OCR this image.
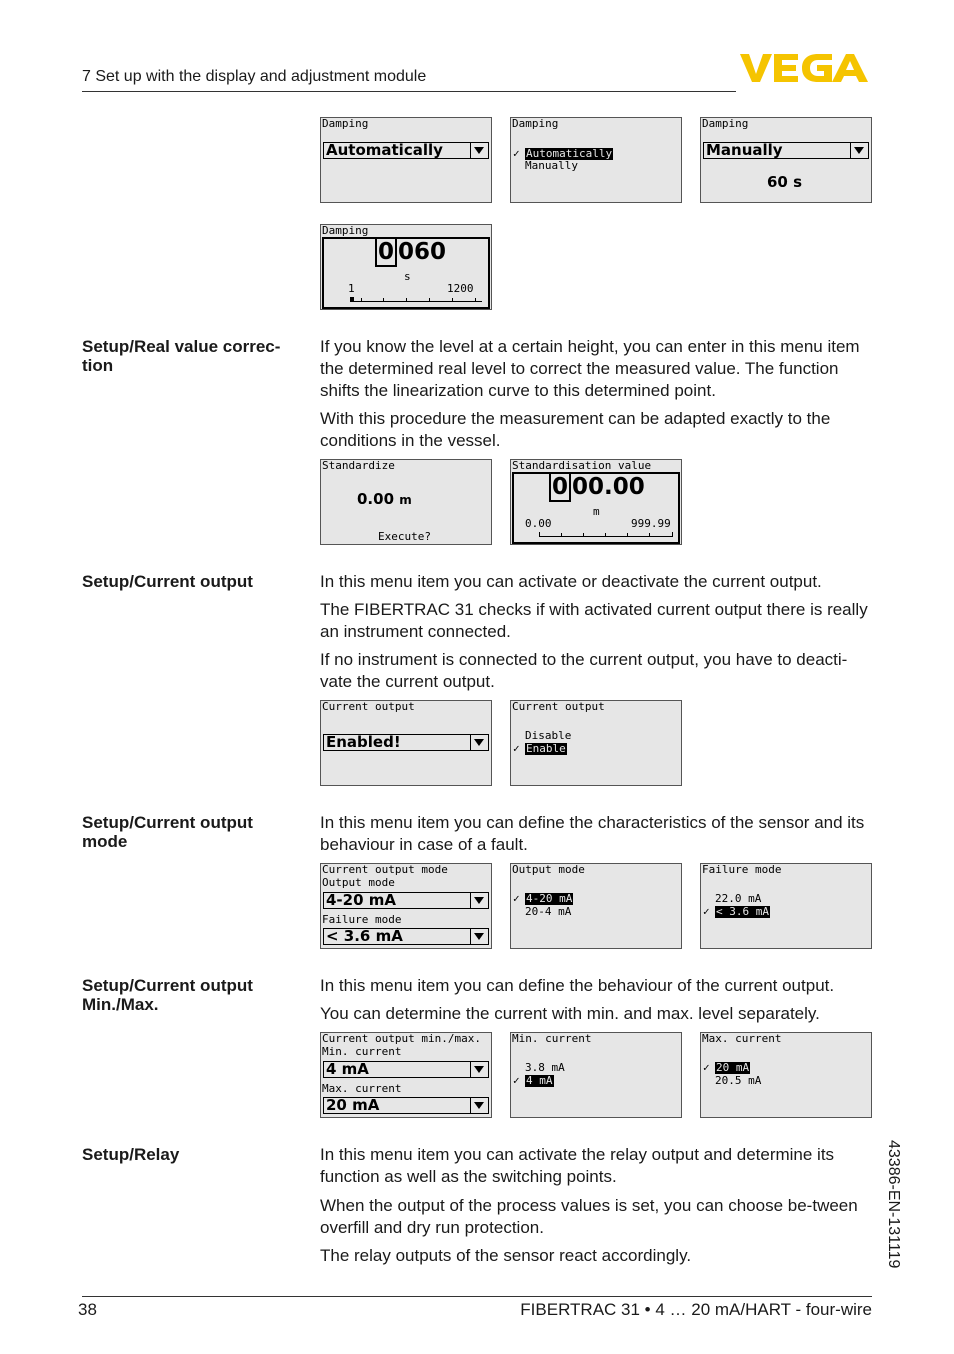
7 Set up with the display and adjustment module
Damping
Automatically
Damping
✓ Automatically
Manually
Damping
Manually
60 s
Damping
0 060
s
1	1200
Setup/Real value correc-
tion
If you know the level at a certain height, you can enter in this menu item the determined real level to correct the measured value. The function shifts the linearization curve to this determined point.
With this procedure the measurement can be adapted exactly to the conditions in the vessel.
Standardize
0.00 m
Execute?
Standardisation value
0 00.00
m
0.00	999.99
Setup/Current output	In this menu item you can activate or deactivate the current output.
The FIBERTRAC 31 checks if with activated current output there is really an instrument connected.
If no instrument is connected to the current output, you have to deacti-vate the current output.
Current output
Enabled!
Current output
Disable
✓ Enable
Setup/Current output
mode
In this menu item you can define the characteristics of the sensor and its behaviour in case of a fault.
Current output mode
Output mode
4-20 mA
Failure mode
< 3.6 mA
Output mode
✓ 4-20 mA
20-4 mA
Failure mode
22.0 mA
✓ < 3.6 mA
Setup/Current output
Min./Max.
In this menu item you can define the behaviour of the current output.
You can determine the current with min. and max. level separately.
Current output min./max.
Min. current
4 mA
Max. current
20 mA
Min. current
3.8 mA
✓ 4 mA
Max. current
✓ 20 mA
20.5 mA
Setup/Relay	In this menu item you can activate the relay output and determine its function as well as the switching points.
When the output of the process values is set, you can choose be-tween overfill and dry run protection.
The relay outputs of the sensor react accordingly.	43386-EN-131119
38	FIBERTRAC 31 • 4 … 20 mA/HART - four-wire
